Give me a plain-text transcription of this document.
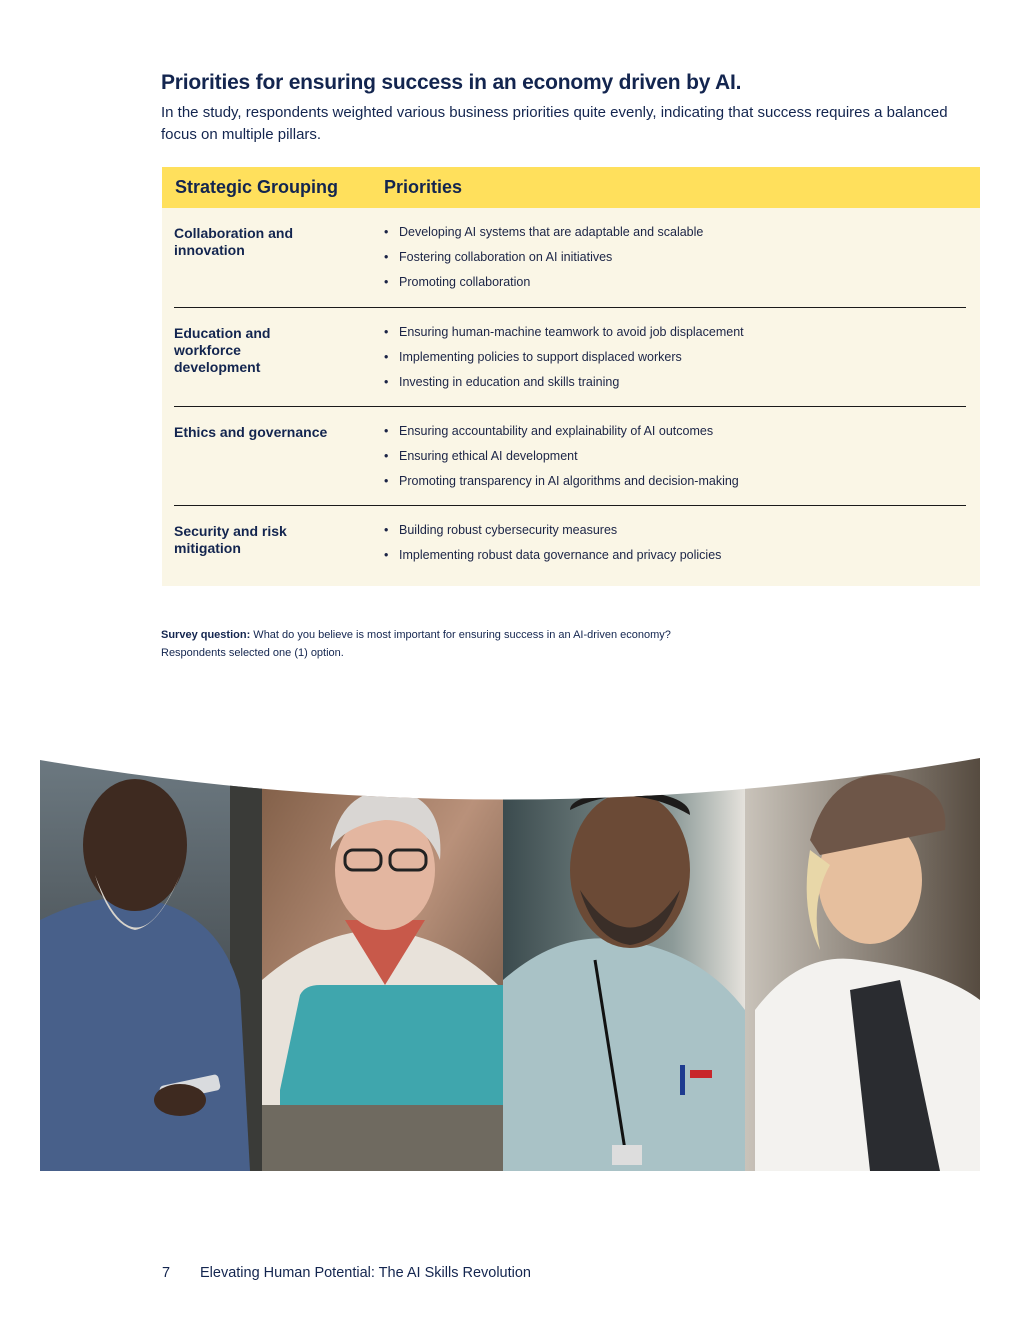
Priorities for ensuring success in an economy driven by AI.
In the study, respondents weighted various business priorities quite evenly, indicating that success requires a balanced focus on multiple pillars.
Strategic Grouping	Priorities
Collaboration and innovation
• Developing AI systems that are adaptable and scalable
• Fostering collaboration on AI initiatives
• Promoting collaboration
Education and workforce development
• Ensuring human-machine teamwork to avoid job displacement
• Implementing policies to support displaced workers
• Investing in education and skills training
Ethics and governance
•	Ensuring accountability and explainability of AI outcomes
• Ensuring ethical AI development
• Promoting transparency in AI algorithms and decision-making
Security and risk mitigation
• Building robust cybersecurity measures
• Implementing robust data governance and privacy policies
Survey question: What do you believe is most important for ensuring success in an AI-driven economy?
Respondents selected one (1) option.
7 Elevating Human Potential: The AI Skills Revolution
